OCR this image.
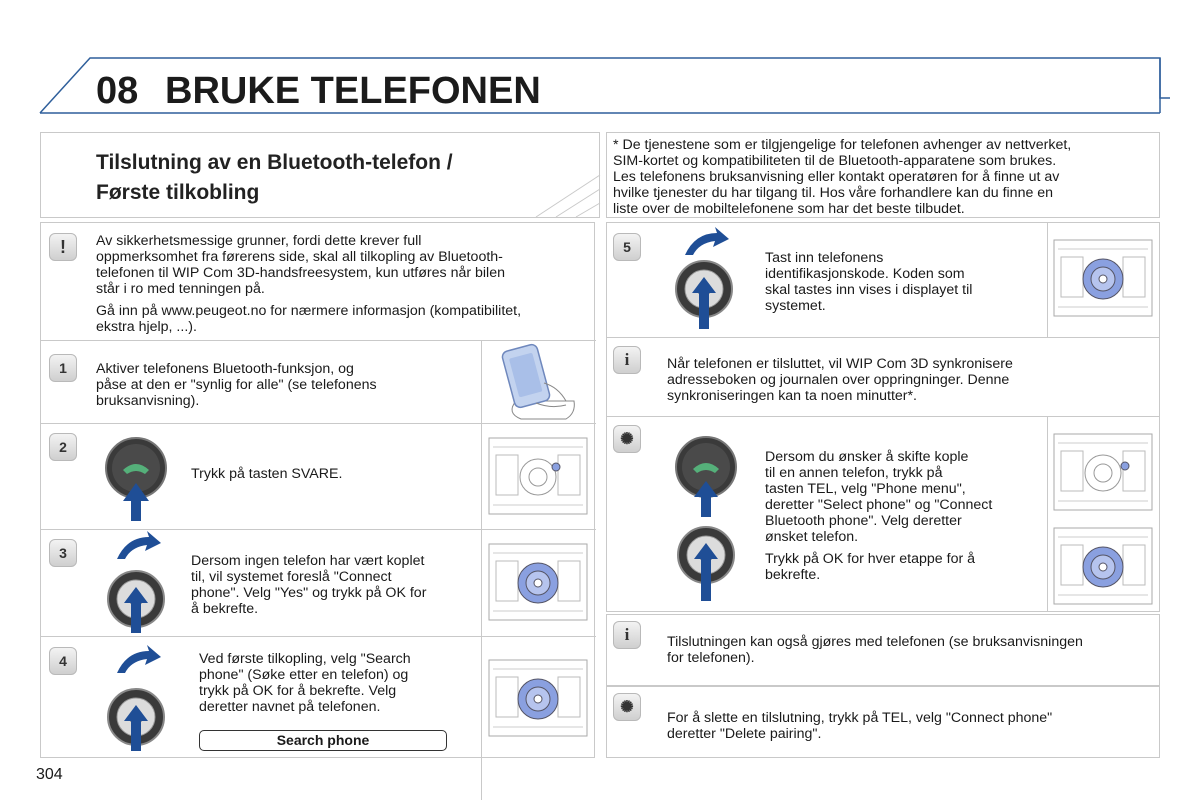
08 BRUKE TELEFONEN
Tilslutning av en Bluetooth-telefon /
Første tilkobling
* De tjenestene som er tilgjengelige for telefonen avhenger av nettverket,
SIM-kortet og kompatibiliteten til de Bluetooth-apparatene som brukes.
Les telefonens bruksanvisning eller kontakt operatøren for å finne ut av
hvilke tjenester du har tilgang til. Hos våre forhandlere kan du finne en
liste over de mobiltelefonene som har det beste tilbudet.
!	Av sikkerhetsmessige grunner, fordi dette krever full
oppmerksomhet fra førerens side, skal all tilkopling av Bluetooth-
telefonen til WIP Com 3D-handsfreesystem, kun utføres når bilen
står i ro med tenningen på.
Gå inn på www.peugeot.no for nærmere informasjon (kompatibilitet,
ekstra hjelp, ...).
1	Aktiver telefonens Bluetooth-funksjon, og
påse at den er "synlig for alle" (se telefonens
bruksanvisning).
2
Trykk på tasten SVARE.
3	Dersom ingen telefon har vært koplet
til, vil systemet foreslå "Connect
phone". Velg "Yes" og trykk på OK for
å bekrefte.
4	Ved første tilkopling, velg "Search
phone" (Søke etter en telefon) og
trykk på OK for å bekrefte. Velg
deretter navnet på telefonen.
Search phone
5
Tast inn telefonens
identifikasjonskode. Koden som
skal tastes inn vises i displayet til
systemet.
i	Når telefonen er tilsluttet, vil WIP Com 3D synkronisere
adresseboken og journalen over oppringninger. Denne
synkroniseringen kan ta noen minutter*.
✺
Dersom du ønsker å skifte kople
til en annen telefon, trykk på
tasten TEL, velg "Phone menu",
deretter "Select phone" og "Connect
Bluetooth phone". Velg deretter
ønsket telefon.
Trykk på OK for hver etappe for å
bekrefte.
i	Tilslutningen kan også gjøres med telefonen (se bruksanvisningen
for telefonen).
✺
For å slette en tilslutning, trykk på TEL, velg "Connect phone"
deretter "Delete pairing".
304
